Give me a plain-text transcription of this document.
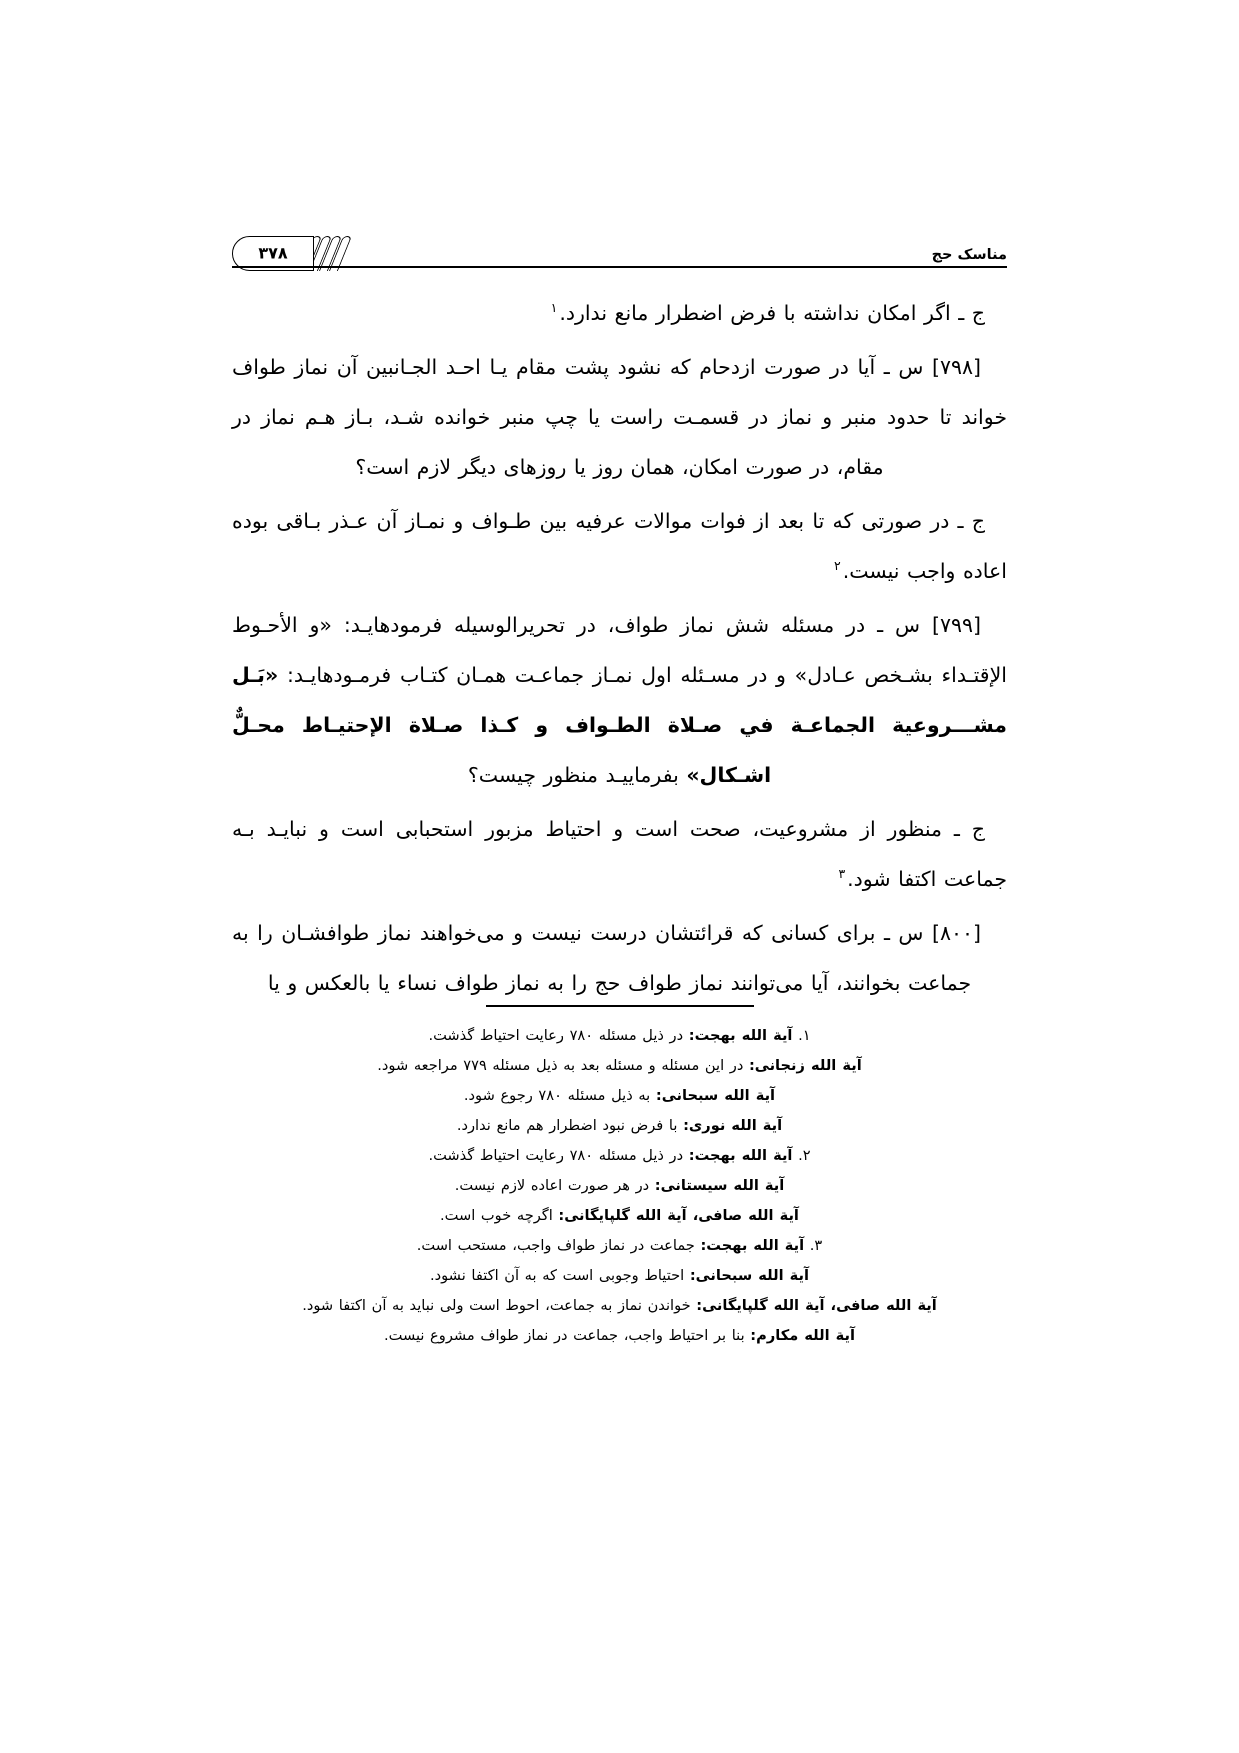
مناسک حج
۳۷۸

ج ـ اگر امکان نداشته با فرض اضطرار مانع ندارد.$^۱$

[۷۹۸] س ـ آیا در صورت ازدحام که نشود پشت مقام یـا احـد الجـانبین آن نماز طواف خواند تا حدود منبر و نماز در قسمـت راست یا چپ منبر خوانده شـد، بـاز هـم نماز در مقام، در صورت امکان، همان روز یا روزهای دیگر لازم است؟

ج ـ در صورتی که تا بعد از فوات موالات عرفیه بین طـواف و نمـاز آن عـذر بـاقی بوده اعاده واجب نیست.$^۲$

[۷۹۹] س ـ در مسئله شش نماز طواف، در تحریرالوسیله فرمودهایـد: «و الأحـوط الإقتـداء بشـخص عـادل» و در مسـئله اول نمـاز جماعـت همـان کتـاب فرمـودهایـد: «بَـل مشـــروعية الجماعـة في صـلاة الطـواف و کـذا صـلاة الإحتيـاط محـلٌّ اشـکال» بفرماییـد منظور چیست؟

ج ـ منظور از مشروعیت، صحت است و احتیاط مزبور استحبابی است و نبایـد بـه جماعت اکتفا شود.$^۳$

[۸۰۰] س ـ برای کسانی که قرائتشان درست نیست و می‌خواهند نماز طوافشـان را به جماعت بخوانند، آیا می‌توانند نماز طواف حج را به نماز طواف نساء یا بالعکس و یا

۱. آية الله بهجت: در ذیل مسئله ۷۸۰ رعایت احتیاط گذشت.

آية الله زنجانی: در این مسئله و مسئله بعد به ذیل مسئله ۷۷۹ مراجعه شود.

آية الله سبحانی: به ذیل مسئله ۷۸۰ رجوع شود.

آية الله نوری: با فرض نبود اضطرار هم مانع ندارد.

۲. آية الله بهجت: در ذیل مسئله ۷۸۰ رعایت احتیاط گذشت.

آية الله سیستانی: در هر صورت اعاده لازم نیست.

آية الله صافی، آية الله گلپایگانی: اگرچه خوب است.

۳. آية الله بهجت: جماعت در نماز طواف واجب، مستحب است.

آية الله سبحانی: احتیاط وجوبی است که به آن اکتفا نشود.

آية الله صافی، آية الله گلپایگانی: خواندن نماز به جماعت، احوط است ولی نباید به آن اکتفا شود.

آية الله مکارم: بنا بر احتیاط واجب، جماعت در نماز طواف مشروع نیست.
